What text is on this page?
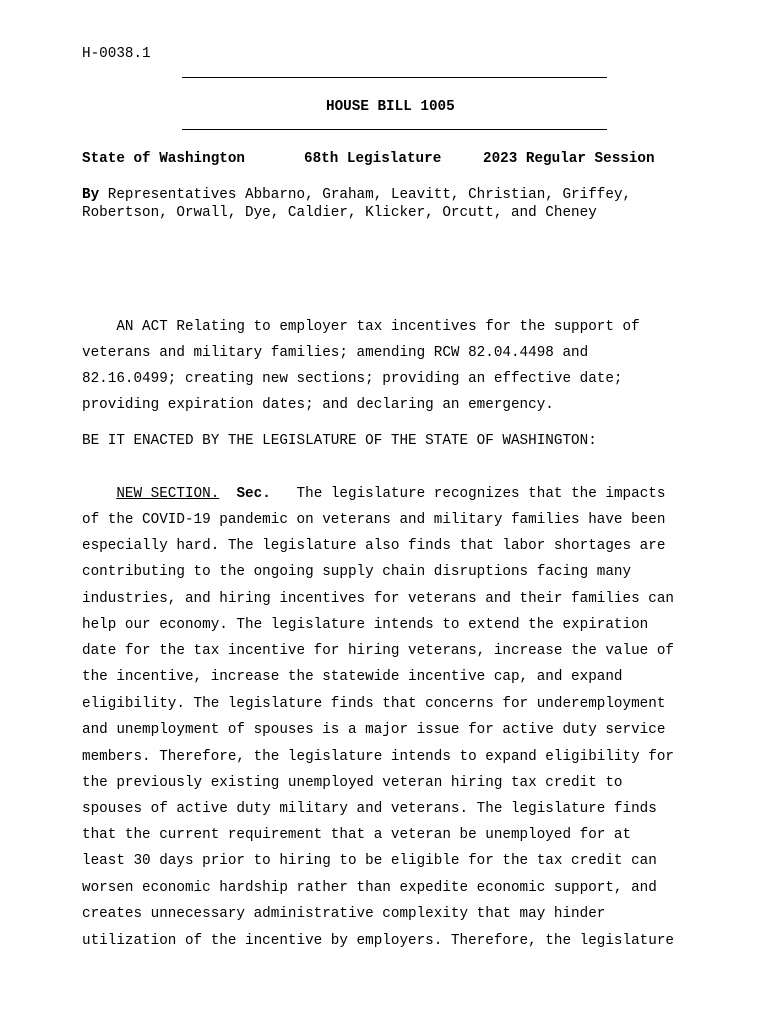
H-0038.1
HOUSE BILL 1005
State of Washington	68th Legislature	2023 Regular Session
By Representatives Abbarno, Graham, Leavitt, Christian, Griffey,
Robertson, Orwall, Dye, Caldier, Klicker, Orcutt, and Cheney
AN ACT Relating to employer tax incentives for the support of
veterans and military families; amending RCW 82.04.4498 and
82.16.0499; creating new sections; providing an effective date;
providing expiration dates; and declaring an emergency.
BE IT ENACTED BY THE LEGISLATURE OF THE STATE OF WASHINGTON:
NEW SECTION. Sec.   The legislature recognizes that the impacts
of the COVID-19 pandemic on veterans and military families have been
especially hard. The legislature also finds that labor shortages are
contributing to the ongoing supply chain disruptions facing many
industries, and hiring incentives for veterans and their families can
help our economy. The legislature intends to extend the expiration
date for the tax incentive for hiring veterans, increase the value of
the incentive, increase the statewide incentive cap, and expand
eligibility. The legislature finds that concerns for underemployment
and unemployment of spouses is a major issue for active duty service
members. Therefore, the legislature intends to expand eligibility for
the previously existing unemployed veteran hiring tax credit to
spouses of active duty military and veterans. The legislature finds
that the current requirement that a veteran be unemployed for at
least 30 days prior to hiring to be eligible for the tax credit can
worsen economic hardship rather than expedite economic support, and
creates unnecessary administrative complexity that may hinder
utilization of the incentive by employers. Therefore, the legislature
